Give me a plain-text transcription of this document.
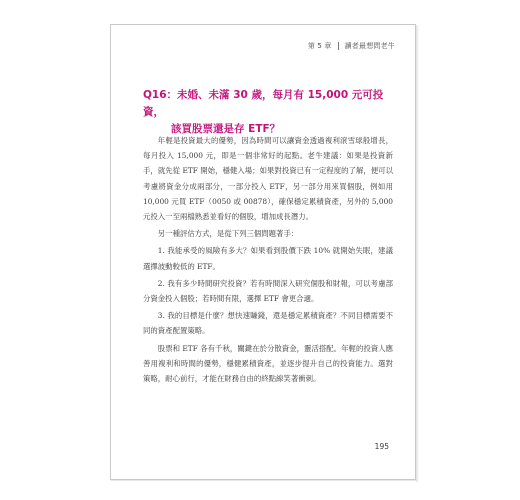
第 5 章 讀者最想問老牛
Q16：未婚、未滿 30 歲，每月有 15,000 元可投資，
該買股票還是存 ETF？

年輕是投資最大的優勢，因為時間可以讓資金透過複利滾雪球般增長，每月投入 15,000 元，即是一個非常好的起點。老牛建議：如果是投資新手，就先從 ETF 開始，穩健入場；如果對投資已有一定程度的了解，便可以考慮將資金分成兩部分，一部分投入 ETF，另一部分用來買個股，例如用 10,000 元買 ETF（0050 或 00878），確保穩定累積資產，另外的 5,000 元投入一至兩檔熟悉並看好的個股，增加成長潛力。

另一種評估方式，是從下列三個問題著手：

1. 我能承受的風險有多大？如果看到股價下跌 10% 就開始失眠，建議選擇波動較低的 ETF。

2. 我有多少時間研究投資？若有時間深入研究個股和財報，可以考慮部分資金投入個股；若時間有限，選擇 ETF 會更合適。

3. 我的目標是什麼？想快速賺錢，還是穩定累積資產？不同目標需要不同的資產配置策略。

股票和 ETF 各有千秋，關鍵在於分散資金，靈活搭配。年輕的投資人應善用複利和時間的優勢，穩健累積資產，並逐步提升自己的投資能力。選對策略，耐心前行，才能在財務自由的終點線笑著衝刺。

195
